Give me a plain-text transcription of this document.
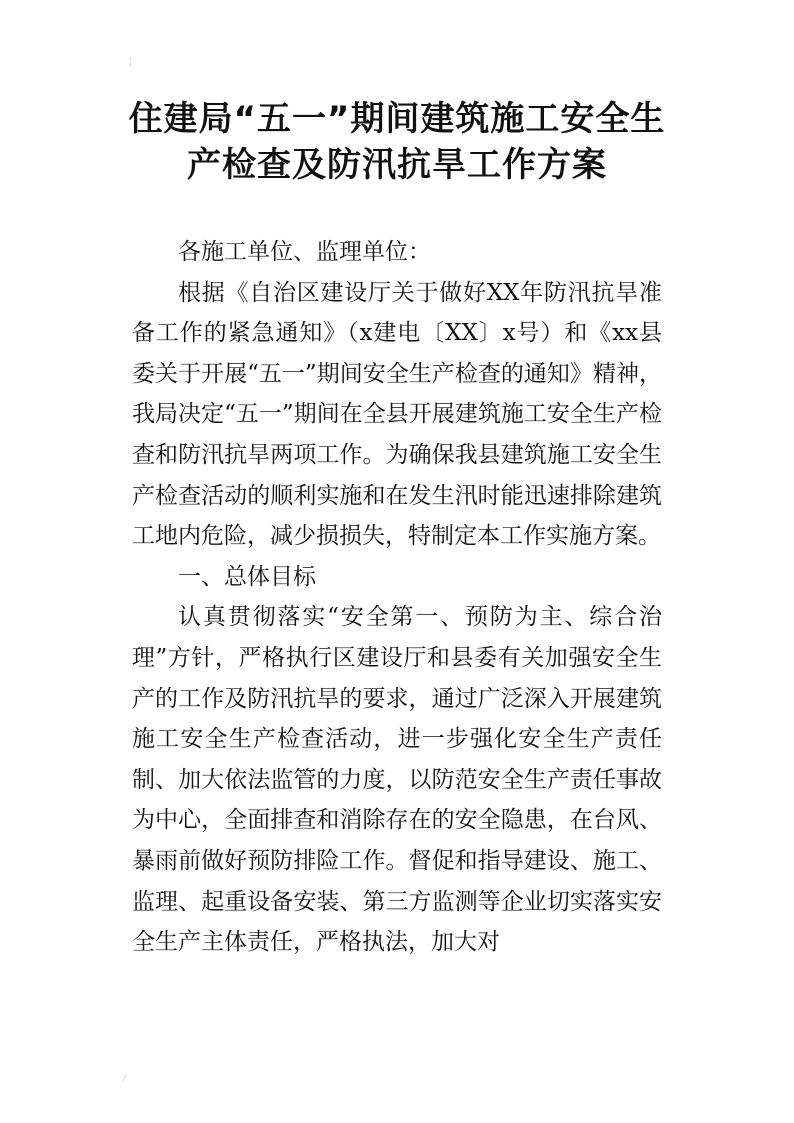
╎
住建局“五一”期间建筑施工安全生
产检查及防汛抗旱工作方案

各施工单位、监理单位：

根据《自治区建设厅关于做好XX年防汛抗旱准备工作的紧急通知》（x建电〔XX〕x号）和《xx县委关于开展“五一”期间安全生产检查的通知》精神，我局决定“五一”期间在全县开展建筑施工安全生产检查和防汛抗旱两项工作。为确保我县建筑施工安全生产检查活动的顺利实施和在发生汛时能迅速排除建筑工地内危险，减少损损失，特制定本工作实施方案。

一、总体目标

认真贯彻落实“安全第一、预防为主、综合治理”方针，严格执行区建设厅和县委有关加强安全生产的工作及防汛抗旱的要求，通过广泛深入开展建筑施工安全生产检查活动，进一步强化安全生产责任制、加大依法监管的力度，以防范安全生产责任事故为中心，全面排查和消除存在的安全隐患，在台风、暴雨前做好预防排险工作。督促和指导建设、施工、监理、起重设备安装、第三方监测等企业切实落实安全生产主体责任，严格执法，加大对

⁄
